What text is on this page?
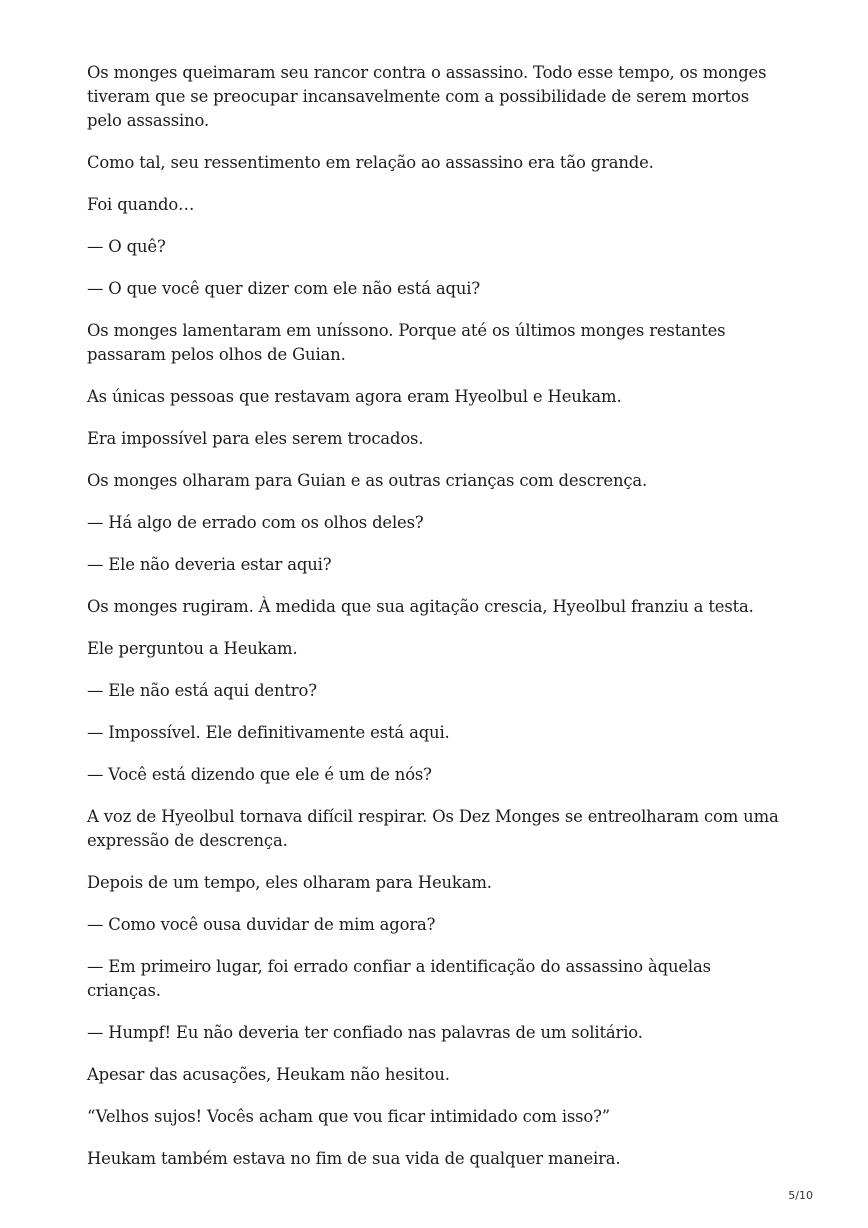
Os monges queimaram seu rancor contra o assassino. Todo esse tempo, os monges tiveram que se preocupar incansavelmente com a possibilidade de serem mortos pelo assassino.

Como tal, seu ressentimento em relação ao assassino era tão grande.

Foi quando…

— O quê?

— O que você quer dizer com ele não está aqui?

Os monges lamentaram em uníssono. Porque até os últimos monges restantes passaram pelos olhos de Guian.

As únicas pessoas que restavam agora eram Hyeolbul e Heukam.

Era impossível para eles serem trocados.

Os monges olharam para Guian e as outras crianças com descrença.

— Há algo de errado com os olhos deles?

— Ele não deveria estar aqui?

Os monges rugiram. À medida que sua agitação crescia, Hyeolbul franziu a testa.

Ele perguntou a Heukam.

— Ele não está aqui dentro?

— Impossível. Ele definitivamente está aqui.

— Você está dizendo que ele é um de nós?

A voz de Hyeolbul tornava difícil respirar. Os Dez Monges se entreolharam com uma expressão de descrença.

Depois de um tempo, eles olharam para Heukam.

— Como você ousa duvidar de mim agora?

— Em primeiro lugar, foi errado confiar a identificação do assassino àquelas crianças.

— Humpf! Eu não deveria ter confiado nas palavras de um solitário.

Apesar das acusações, Heukam não hesitou.

“Velhos sujos! Vocês acham que vou ficar intimidado com isso?”

Heukam também estava no fim de sua vida de qualquer maneira.

5/10
